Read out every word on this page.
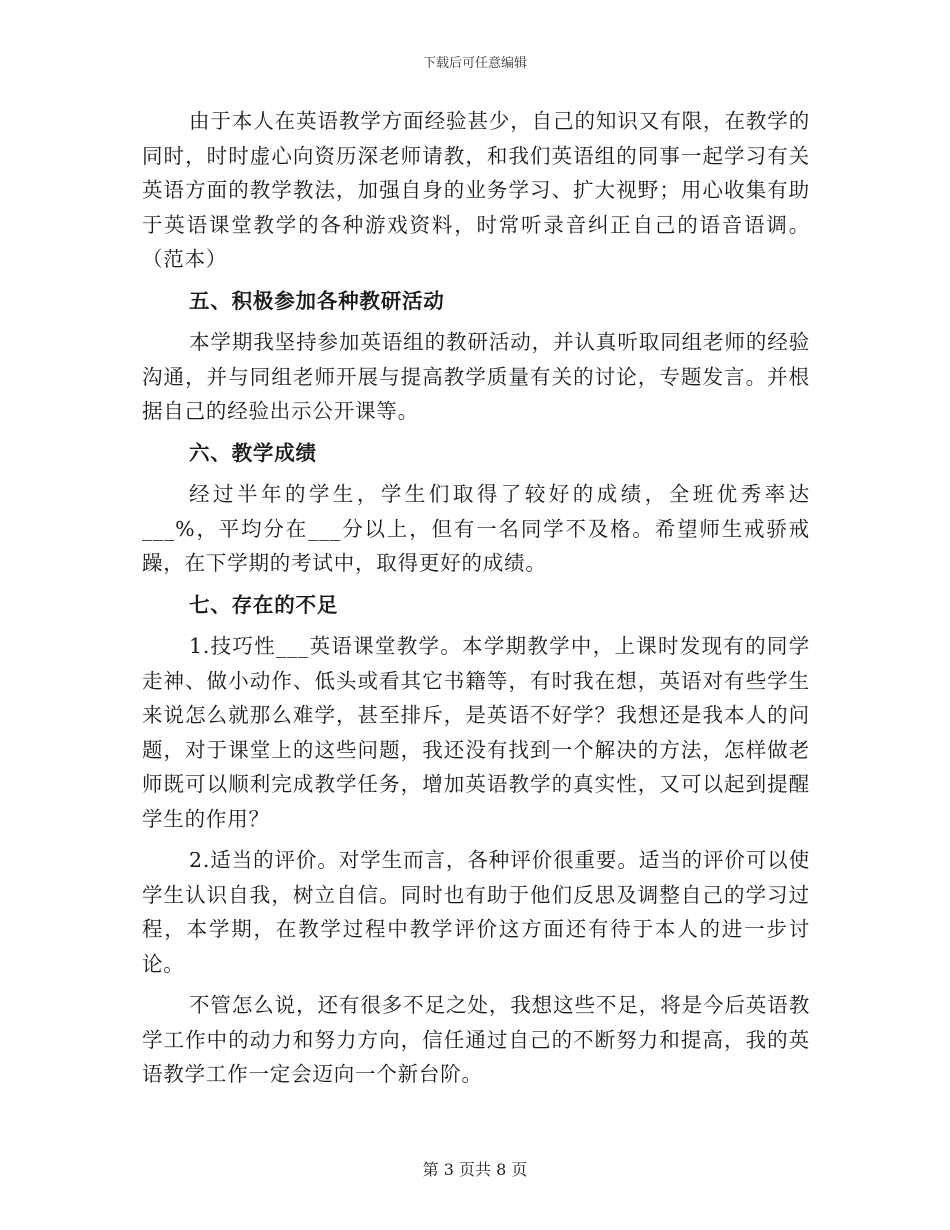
下载后可任意编辑

由于本人在英语教学方面经验甚少，自己的知识又有限，在教学的同时，时时虚心向资历深老师请教，和我们英语组的同事一起学习有关英语方面的教学教法，加强自身的业务学习、扩大视野；用心收集有助于英语课堂教学的各种游戏资料，时常听录音纠正自己的语音语调。（范本）

五、积极参加各种教研活动

本学期我坚持参加英语组的教研活动，并认真听取同组老师的经验沟通，并与同组老师开展与提高教学质量有关的讨论，专题发言。并根据自己的经验出示公开课等。

六、教学成绩

经过半年的学生，学生们取得了较好的成绩，全班优秀率达___%，平均分在___分以上，但有一名同学不及格。希望师生戒骄戒躁，在下学期的考试中，取得更好的成绩。

七、存在的不足

1.技巧性___英语课堂教学。本学期教学中，上课时发现有的同学走神、做小动作、低头或看其它书籍等，有时我在想，英语对有些学生来说怎么就那么难学，甚至排斥，是英语不好学？我想还是我本人的问题，对于课堂上的这些问题，我还没有找到一个解决的方法，怎样做老师既可以顺利完成教学任务，增加英语教学的真实性，又可以起到提醒学生的作用？

2.适当的评价。对学生而言，各种评价很重要。适当的评价可以使学生认识自我，树立自信。同时也有助于他们反思及调整自己的学习过程，本学期，在教学过程中教学评价这方面还有待于本人的进一步讨论。

不管怎么说，还有很多不足之处，我想这些不足，将是今后英语教学工作中的动力和努力方向，信任通过自己的不断努力和提高，我的英语教学工作一定会迈向一个新台阶。

第 3 页共 8 页
